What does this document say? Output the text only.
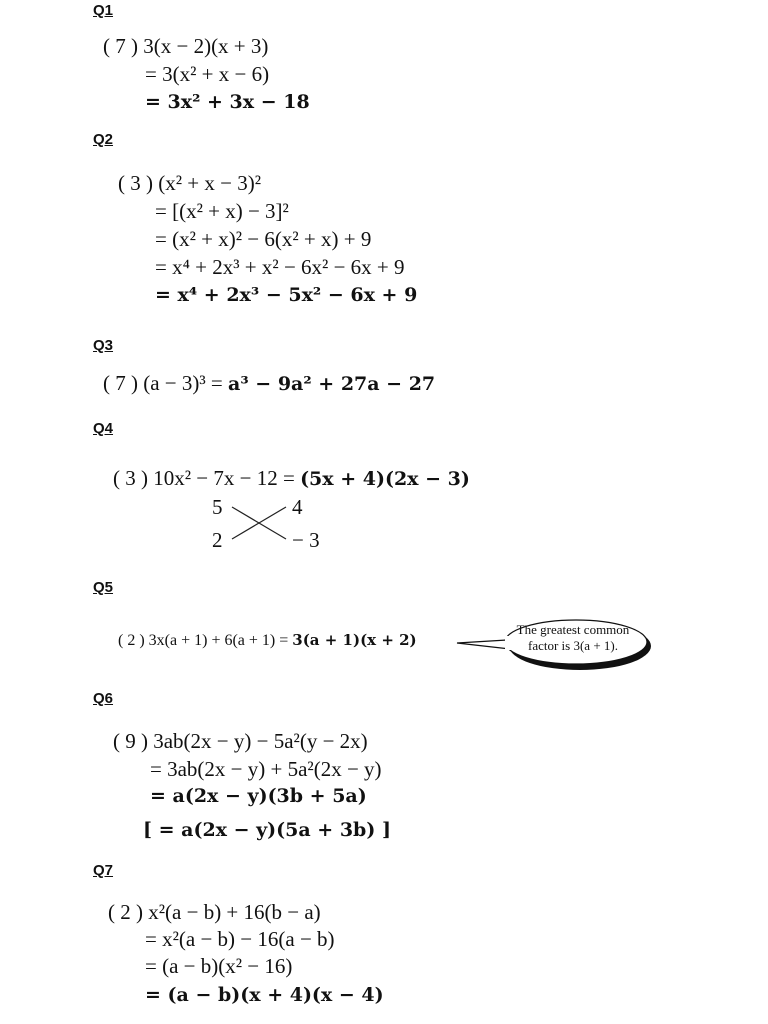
Q1
( 7 ) 3(x − 2)(x + 3)
= 3(x² + x − 6)
= 3x² + 3x − 18
Q2
( 3 ) (x² + x − 3)²
= [(x² + x) − 3]²
= (x² + x)² − 6(x² + x) + 9
= x⁴ + 2x³ + x² − 6x² − 6x + 9
= x⁴ + 2x³ − 5x² − 6x + 9
Q3
( 7 ) (a − 3)³ = a³ − 9a² + 27a − 27
Q4
( 3 ) 10x² − 7x − 12 = (5x + 4)(2x − 3)
5	4
2	− 3
Q5
( 2 ) 3x(a + 1) + 6(a + 1) = 3(a + 1)(x + 2)
The greatest common
factor is 3(a + 1).
Q6
( 9 ) 3ab(2x − y) − 5a²(y − 2x)
= 3ab(2x − y) + 5a²(2x − y)
= a(2x − y)(3b + 5a)
[ = a(2x − y)(5a + 3b) ]
Q7
( 2 ) x²(a − b) + 16(b − a)
= x²(a − b) − 16(a − b)
= (a − b)(x² − 16)
= (a − b)(x + 4)(x − 4)
